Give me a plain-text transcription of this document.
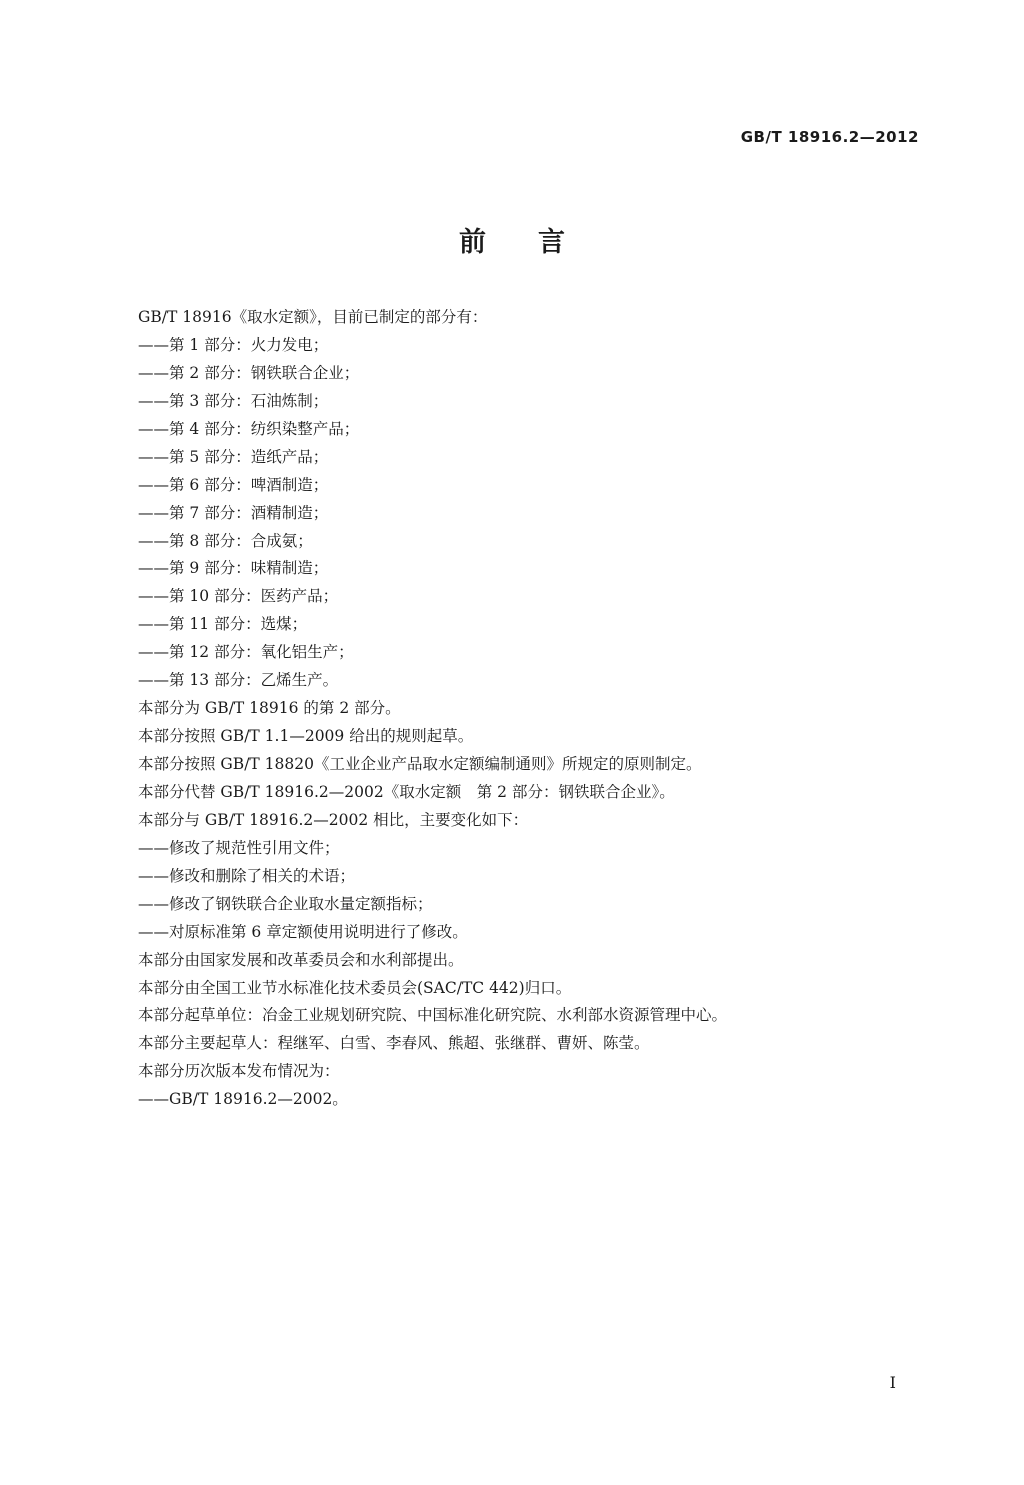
GB/T 18916.2—2012
前言
GB/T 18916《取水定额》，目前已制定的部分有：
——第 1 部分：火力发电；
——第 2 部分：钢铁联合企业；
——第 3 部分：石油炼制；
——第 4 部分：纺织染整产品；
——第 5 部分：造纸产品；
——第 6 部分：啤酒制造；
——第 7 部分：酒精制造；
——第 8 部分：合成氨；
——第 9 部分：味精制造；
——第 10 部分：医药产品；
——第 11 部分：选煤；
——第 12 部分：氧化铝生产；
——第 13 部分：乙烯生产。
本部分为 GB/T 18916 的第 2 部分。
本部分按照 GB/T 1.1—2009 给出的规则起草。
本部分按照 GB/T 18820《工业企业产品取水定额编制通则》所规定的原则制定。
本部分代替 GB/T 18916.2—2002《取水定额　第 2 部分：钢铁联合企业》。
本部分与 GB/T 18916.2—2002 相比，主要变化如下：
——修改了规范性引用文件；
——修改和删除了相关的术语；
——修改了钢铁联合企业取水量定额指标；
——对原标准第 6 章定额使用说明进行了修改。
本部分由国家发展和改革委员会和水利部提出。
本部分由全国工业节水标准化技术委员会(SAC/TC 442)归口。
本部分起草单位：冶金工业规划研究院、中国标准化研究院、水利部水资源管理中心。
本部分主要起草人：程继军、白雪、李春风、熊超、张继群、曹妍、陈莹。
本部分历次版本发布情况为：
——GB/T 18916.2—2002。
I
